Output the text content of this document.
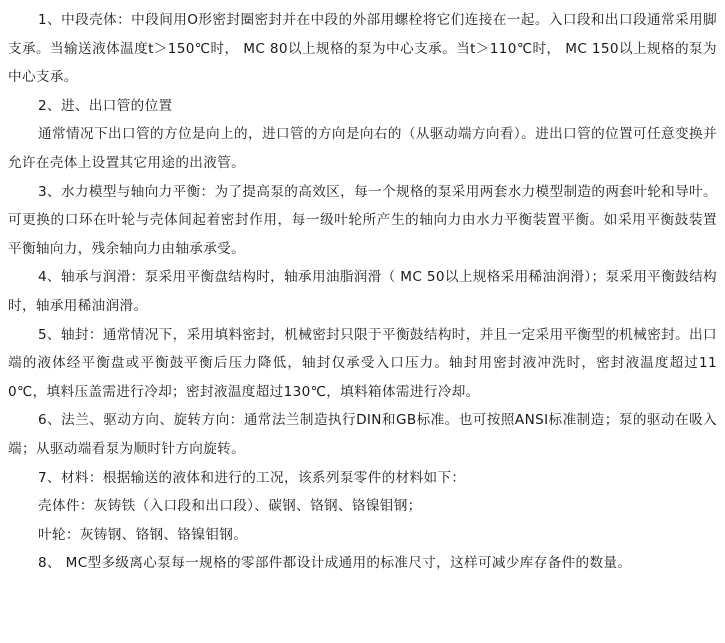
1、中段壳体：中段间用O形密封圈密封并在中段的外部用螺栓将它们连接在一起。入口段和出口段通常采用脚支承。当输送液体温度t＞150℃时， MC 80以上规格的泵为中心支承。当t＞110℃时， MC 150以上规格的泵为中心支承。

2、进、出口管的位置

通常情况下出口管的方位是向上的，进口管的方向是向右的（从驱动端方向看）。进出口管的位置可任意变换并允许在壳体上设置其它用途的出液管。

3、水力模型与轴向力平衡：为了提高泵的高效区，每一个规格的泵采用两套水力模型制造的两套叶轮和导叶。可更换的口环在叶轮与壳体间起着密封作用，每一级叶轮所产生的轴向力由水力平衡装置平衡。如采用平衡鼓装置平衡轴向力，残余轴向力由轴承承受。

4、轴承与润滑：泵采用平衡盘结构时，轴承用油脂润滑（ MC 50以上规格采用稀油润滑）；泵采用平衡鼓结构时，轴承用稀油润滑。

5、轴封：通常情况下，采用填料密封，机械密封只限于平衡鼓结构时，并且一定采用平衡型的机械密封。出口端的液体经平衡盘或平衡鼓平衡后压力降低，轴封仅承受入口压力。轴封用密封液冲洗时，密封液温度超过110℃，填料压盖需进行冷却；密封液温度超过130℃，填料箱体需进行冷却。

6、法兰、驱动方向、旋转方向：通常法兰制造执行DIN和GB标准。也可按照ANSI标准制造；泵的驱动在吸入端；从驱动端看泵为顺时针方向旋转。

7、材料：根据输送的液体和进行的工况，该系列泵零件的材料如下：

壳体件：灰铸铁（入口段和出口段）、碳钢、铬钢、铬镍钼钢；

叶轮：灰铸钢、铬钢、铬镍钼钢。

8、 MC型多级离心泵每一规格的零部件都设计成通用的标准尺寸，这样可减少库存备件的数量。
